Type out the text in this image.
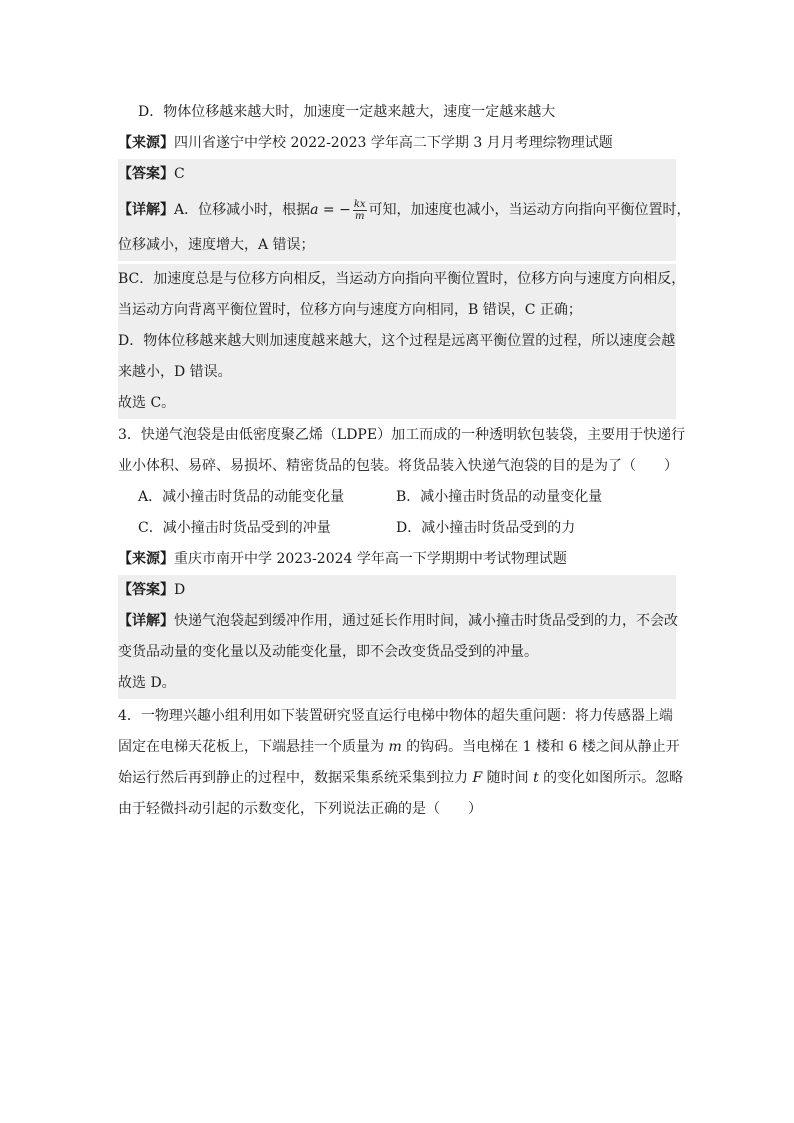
D．物体位移越来越大时，加速度一定越来越大，速度一定越来越大
【来源】四川省遂宁中学校 2022-2023 学年高二下学期 3 月月考理综物理试题
【答案】C
【详解】A．位移减小时，根据a = − $\frac{kx}{m}$ 可知，加速度也减小，当运动方向指向平衡位置时，
位移减小，速度增大，A 错误；
BC．加速度总是与位移方向相反，当运动方向指向平衡位置时，位移方向与速度方向相反，
当运动方向背离平衡位置时，位移方向与速度方向相同，B 错误，C 正确；
D．物体位移越来越大则加速度越来越大，这个过程是远离平衡位置的过程，所以速度会越
来越小，D 错误。
故选 C。
3．快递气泡袋是由低密度聚乙烯（LDPE）加工而成的一种透明软包装袋，主要用于快递行
业小体积、易碎、易损坏、精密货品的包装。将货品装入快递气泡袋的目的是为了（　　）
A．减小撞击时货品的动能变化量	B．减小撞击时货品的动量变化量
C．减小撞击时货品受到的冲量	D．减小撞击时货品受到的力
【来源】重庆市南开中学 2023-2024 学年高一下学期期中考试物理试题
【答案】D
【详解】快递气泡袋起到缓冲作用，通过延长作用时间，减小撞击时货品受到的力，不会改
变货品动量的变化量以及动能变化量，即不会改变货品受到的冲量。
故选 D。
4．一物理兴趣小组利用如下装置研究竖直运行电梯中物体的超失重问题：将力传感器上端
固定在电梯天花板上，下端悬挂一个质量为 m 的钩码。当电梯在 1 楼和 6 楼之间从静止开
始运行然后再到静止的过程中，数据采集系统采集到拉力 F 随时间 t 的变化如图所示。忽略
由于轻微抖动引起的示数变化，下列说法正确的是（　　）
